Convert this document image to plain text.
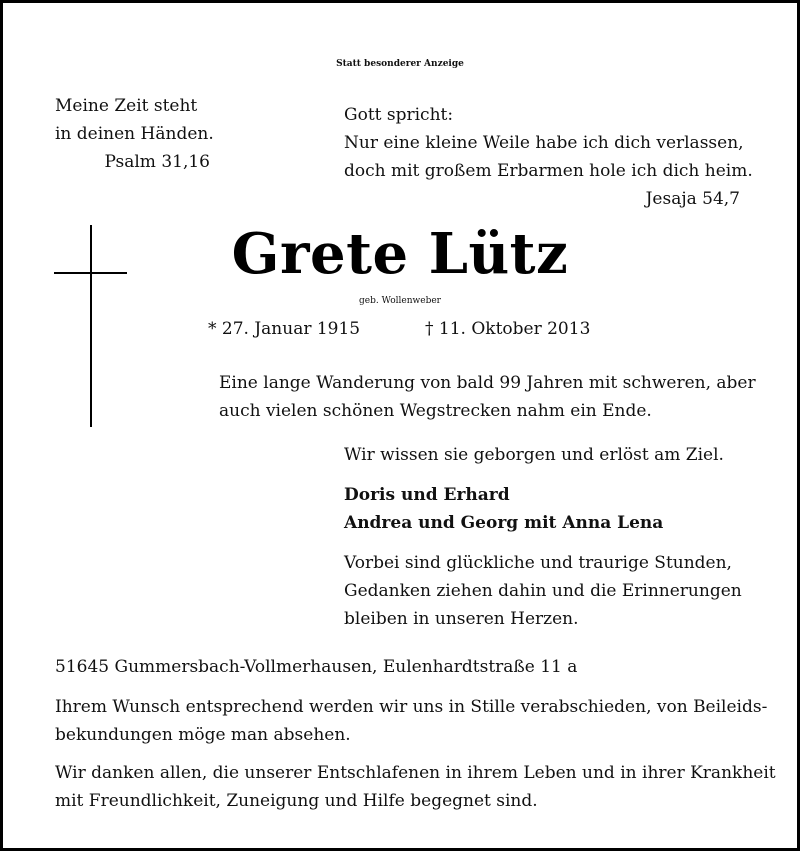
Statt besonderer Anzeige

Meine Zeit steht

in deinen Händen.

Psalm 31,16

Gott spricht:

Nur eine kleine Weile habe ich dich verlassen,

doch mit großem Erbarmen hole ich dich heim.

Jesaja 54,7

Grete Lütz

geb. Wollenweber

* 27. Januar 1915	† 11. Oktober 2013

Eine lange Wanderung von bald 99 Jahren mit schweren, aber

auch vielen schönen Wegstrecken nahm ein Ende.

Wir wissen sie geborgen und erlöst am Ziel.

Doris und Erhard

Andrea und Georg mit Anna Lena

Vorbei sind glückliche und traurige Stunden,

Gedanken ziehen dahin und die Erinnerungen

bleiben in unseren Herzen.

51645 Gummersbach-Vollmerhausen, Eulenhardtstraße 11 a

Ihrem Wunsch entsprechend werden wir uns in Stille verabschieden, von Beileids-

bekundungen möge man absehen.

Wir danken allen, die unserer Entschlafenen in ihrem Leben und in ihrer Krankheit

mit Freundlichkeit, Zuneigung und Hilfe begegnet sind.
